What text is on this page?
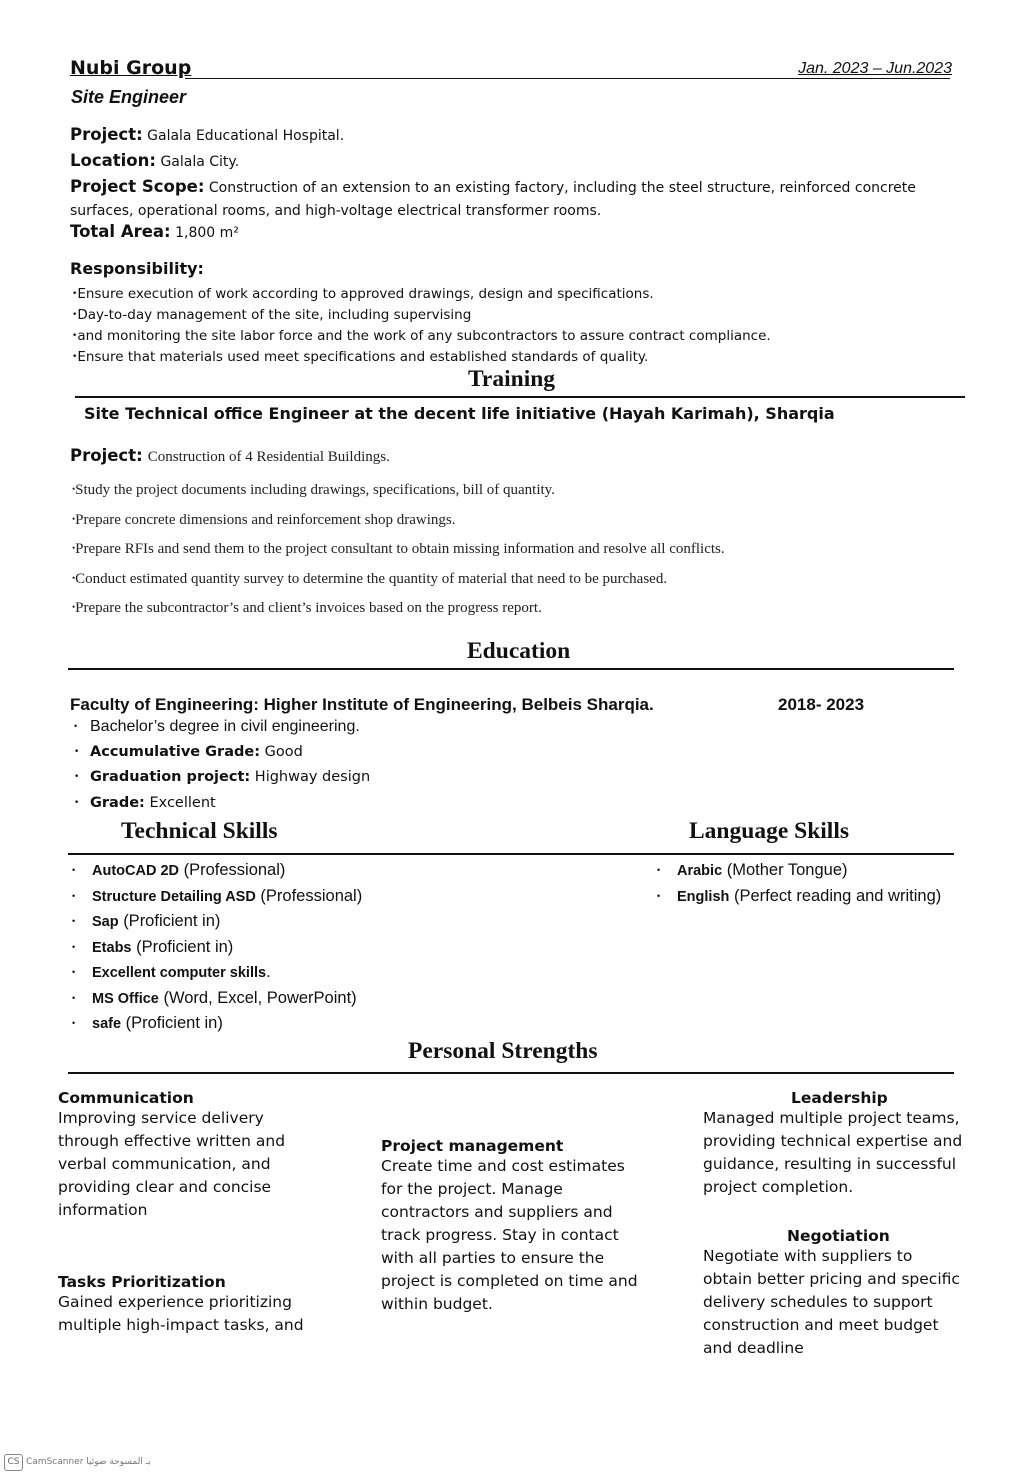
Nubi Group	Jan. 2023 – Jun.2023
Site Engineer
Project: Galala Educational Hospital.
Location: Galala City.
Project Scope: Construction of an extension to an existing factory, including the steel structure, reinforced concrete surfaces, operational rooms, and high-voltage electrical transformer rooms.
Total Area: 1,800 m²
Responsibility:
• Ensure execution of work according to approved drawings, design and specifications.
• Day-to-day management of the site, including supervising
• and monitoring the site labor force and the work of any subcontractors to assure contract compliance.
• Ensure that materials used meet specifications and established standards of quality.
Training
Site Technical office Engineer at the decent life initiative (Hayah Karimah), Sharqia
Project: Construction of 4 Residential Buildings.
• Study the project documents including drawings, specifications, bill of quantity.
• Prepare concrete dimensions and reinforcement shop drawings.
• Prepare RFIs and send them to the project consultant to obtain missing information and resolve all conflicts.
• Conduct estimated quantity survey to determine the quantity of material that need to be purchased.
• Prepare the subcontractor’s and client’s invoices based on the progress report.
Education
Faculty of Engineering: Higher Institute of Engineering, Belbeis Sharqia.	2018- 2023
• Bachelor’s degree in civil engineering.
• Accumulative Grade: Good
• Graduation project: Highway design
• Grade: Excellent
Technical Skills	Language Skills
• AutoCAD 2D (Professional)
• Structure Detailing ASD (Professional)
• Sap (Proficient in)
• Etabs (Proficient in)
• Excellent computer skills.
• MS Office (Word, Excel, PowerPoint)
• safe (Proficient in)
• Arabic (Mother Tongue)
• English (Perfect reading and writing)
Personal Strengths
Communication
Improving service delivery
through effective written and
verbal communication, and
providing clear and concise
information
Tasks Prioritization
Gained experience prioritizing
multiple high-impact tasks, and
Project management
Create time and cost estimates
for the project. Manage
contractors and suppliers and
track progress. Stay in contact
with all parties to ensure the
project is completed on time and
within budget.
Leadership
Managed multiple project teams,
providing technical expertise and
guidance, resulting in successful
project completion.
Negotiation
Negotiate with suppliers to
obtain better pricing and specific
delivery schedules to support
construction and meet budget
and deadline
CS CamScanner بـ المسوحة ضوئيا
